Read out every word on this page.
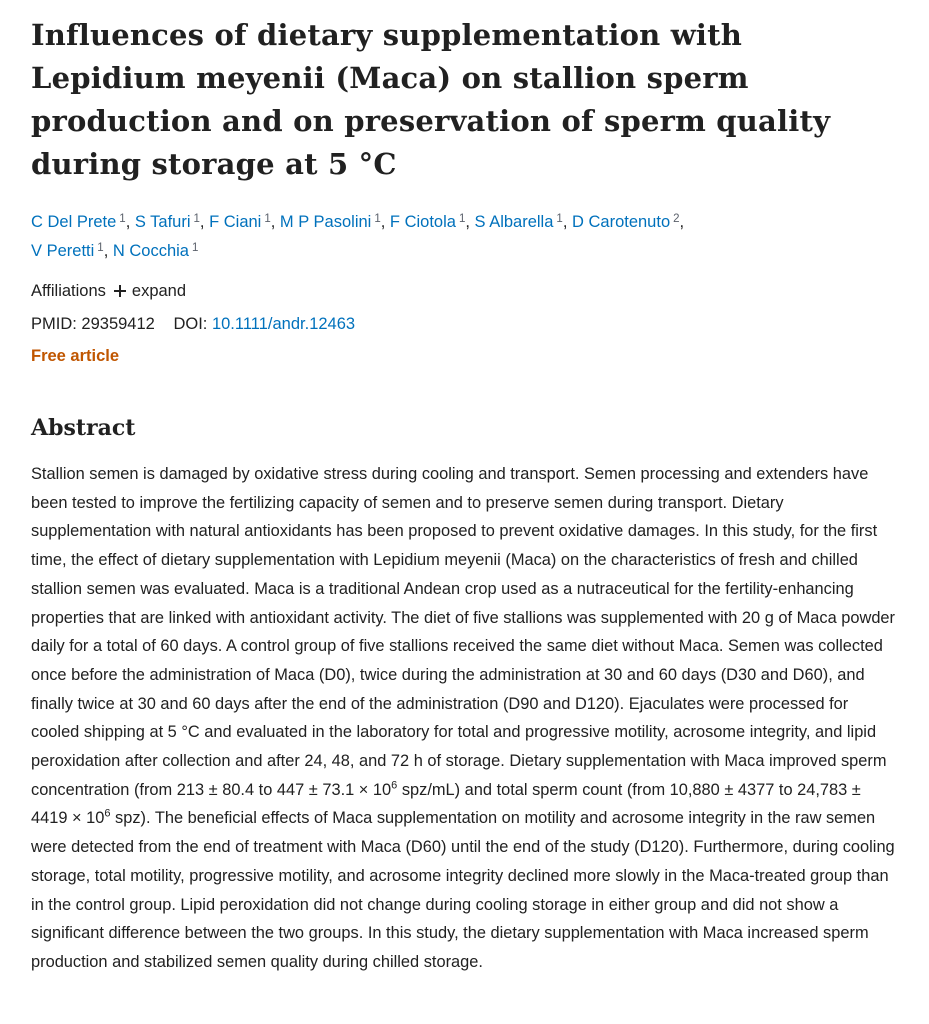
Influences of dietary supplementation with Lepidium meyenii (Maca) on stallion sperm production and on preservation of sperm quality during storage at 5 °C
C Del Prete $^1$, S Tafuri $^1$, F Ciani $^1$, M P Pasolini $^1$, F Ciotola $^1$, S Albarella $^1$, D Carotenuto $^2$,
V Peretti $^1$, N Cocchia $^1$
Affiliations expand
PMID: 29359412 DOI: 10.1111/andr.12463
Free article
Abstract
Stallion semen is damaged by oxidative stress during cooling and transport. Semen processing and extenders have been tested to improve the fertilizing capacity of semen and to preserve semen during transport. Dietary supplementation with natural antioxidants has been proposed to prevent oxidative damages. In this study, for the first time, the effect of dietary supplementation with Lepidium meyenii (Maca) on the characteristics of fresh and chilled stallion semen was evaluated. Maca is a traditional Andean crop used as a nutraceutical for the fertility-enhancing properties that are linked with antioxidant activity. The diet of five stallions was supplemented with 20 g of Maca powder daily for a total of 60 days. A control group of five stallions received the same diet without Maca. Semen was collected once before the administration of Maca (D0), twice during the administration at 30 and 60 days (D30 and D60), and finally twice at 30 and 60 days after the end of the administration (D90 and D120). Ejaculates were processed for cooled shipping at 5 °C and evaluated in the laboratory for total and progressive motility, acrosome integrity, and lipid peroxidation after collection and after 24, 48, and 72 h of storage. Dietary supplementation with Maca improved sperm concentration (from 213 ± 80.4 to $447 \pm 73.1 \times 10^6$ spz/mL) and total sperm count (from 10,880 ± 4377 to $24,783 \pm 4419 \times 10^6$ spz). The beneficial effects of Maca supplementation on motility and acrosome integrity in the raw semen were detected from the end of treatment with Maca (D60) until the end of the study (D120). Furthermore, during cooling storage, total motility, progressive motility, and acrosome integrity declined more slowly in the Maca-treated group than in the control group. Lipid peroxidation did not change during cooling storage in either group and did not show a significant difference between the two groups. In this study, the dietary supplementation with Maca increased sperm production and stabilized semen quality during chilled storage.
